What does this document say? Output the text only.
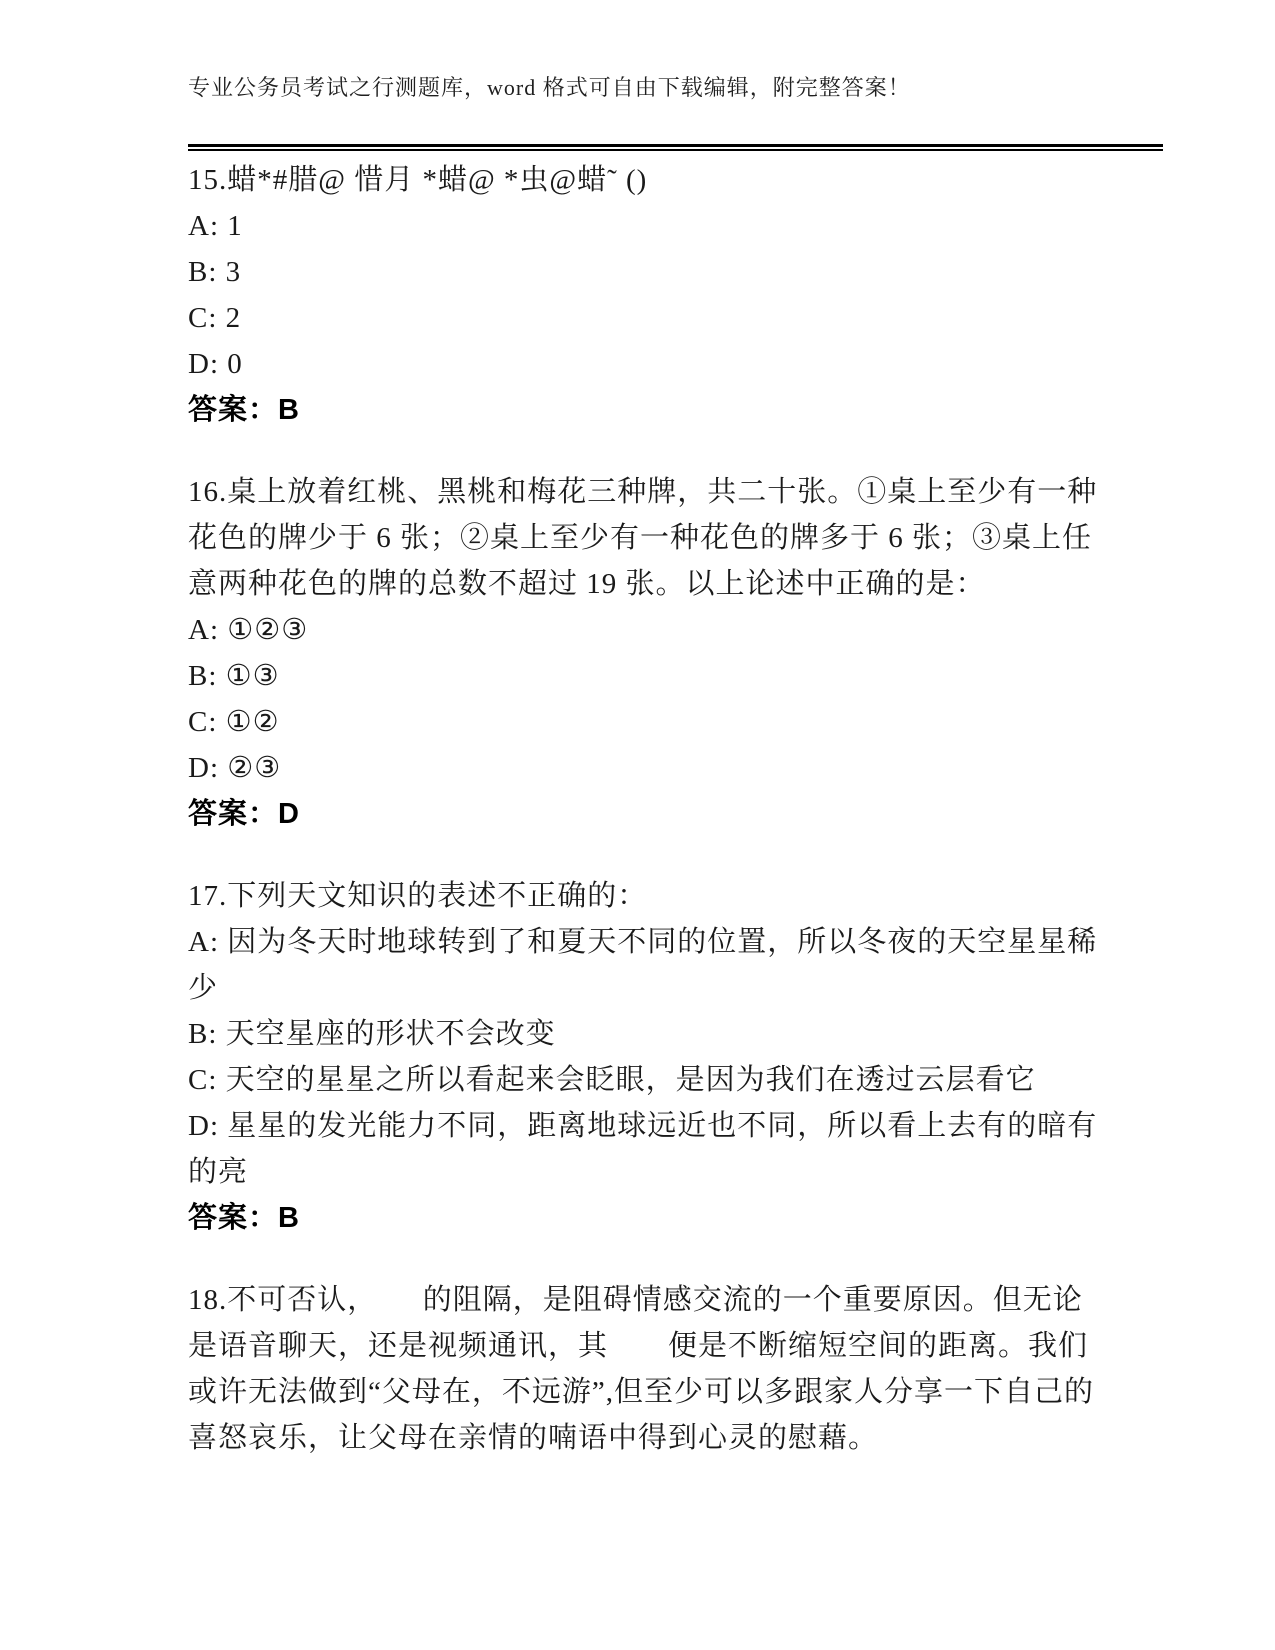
专业公务员考试之行测题库，word 格式可自由下载编辑，附完整答案！

15.蜡*#腊@ 惜月 *蜡@ *虫@蜡˜ ()

A: 1

B: 3

C: 2

D: 0

答案：B

16.桌上放着红桃、黑桃和梅花三种牌，共二十张。①桌上至少有一种花色的牌少于 6 张；②桌上至少有一种花色的牌多于 6 张；③桌上任意两种花色的牌的总数不超过 19 张。以上论述中正确的是：

A: ①②③

B: ①③

C: ①②

D: ②③

答案：D

17.下列天文知识的表述不正确的：

A: 因为冬天时地球转到了和夏天不同的位置，所以冬夜的天空星星稀少

B: 天空星座的形状不会改变

C: 天空的星星之所以看起来会眨眼，是因为我们在透过云层看它

D: 星星的发光能力不同，距离地球远近也不同，所以看上去有的暗有的亮

答案：B

18.不可否认，　　的阻隔，是阻碍情感交流的一个重要原因。但无论是语音聊天，还是视频通讯，其　　便是不断缩短空间的距离。我们或许无法做到“父母在，不远游”,但至少可以多跟家人分享一下自己的喜怒哀乐，让父母在亲情的喃语中得到心灵的慰藉。
